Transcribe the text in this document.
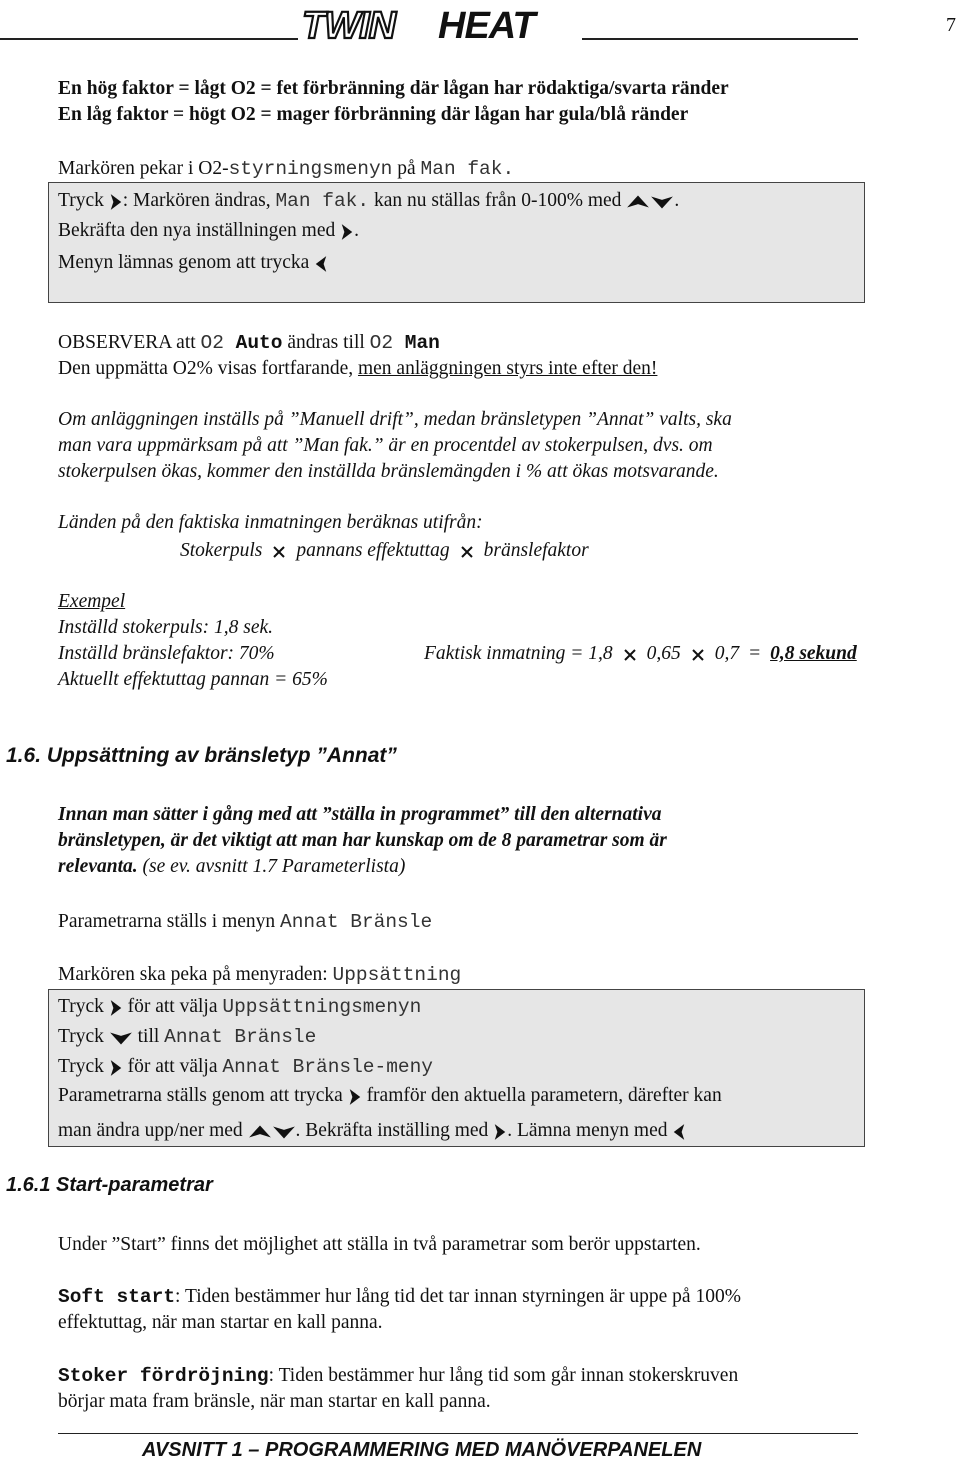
TWIN HEAT	7
En hög faktor = lågt O2 = fet förbränning där lågan har rödaktiga/svarta ränder
En låg faktor = högt O2 = mager förbränning där lågan har gula/blå ränder
Markören pekar i O2-styrningsmenyn på Man fak.
Tryck : Markören ändras, Man fak. kan nu ställas från 0-100% med .
Bekräfta den nya inställningen med .
Menyn lämnas genom att trycka
OBSERVERA att O2 Auto ändras till O2 Man
Den uppmätta O2% visas fortfarande, men anläggningen styrs inte efter den!
Om anläggningen inställs på ”Manuell drift”, medan bränsletypen ”Annat” valts, ska
man vara uppmärksam på att ”Man fak.” är en procentdel av stokerpulsen, dvs. om
stokerpulsen ökas, kommer den inställda bränslemängden i % att ökas motsvarande.
Länden på den faktiska inmatningen beräknas utifrån:
Stokerpuls pannans effektuttag bränslefaktor
Exempel
Inställd stokerpuls: 1,8 sek.
Inställd bränslefaktor: 70%
Aktuellt effektuttag pannan = 65%
Faktisk inmatning = 1,8 0,65 0,7 = 0,8 sekund
1.6. Uppsättning av bränsletyp ”Annat”
Innan man sätter i gång med att ”ställa in programmet” till den alternativa
bränsletypen, är det viktigt att man har kunskap om de 8 parametrar som är
relevanta. (se ev. avsnitt 1.7 Parameterlista)
Parametrarna ställs i menyn Annat Bränsle
Markören ska peka på menyraden: Uppsättning
Tryck  för att välja Uppsättningsmenyn
Tryck  till Annat Bränsle
Tryck  för att välja Annat Bränsle-meny
Parametrarna ställs genom att trycka  framför den aktuella parametern, därefter kan
man ändra upp/ner med . Bekräfta inställing med . Lämna menyn med
1.6.1 Start-parametrar
Under ”Start” finns det möjlighet att ställa in två parametrar som berör uppstarten.
Soft start: Tiden bestämmer hur lång tid det tar innan styrningen är uppe på 100%
effektuttag, när man startar en kall panna.
Stoker fördröjning: Tiden bestämmer hur lång tid som går innan stokerskruven
börjar mata fram bränsle, när man startar en kall panna.
AVSNITT 1 – PROGRAMMERING MED MANÖVERPANELEN
